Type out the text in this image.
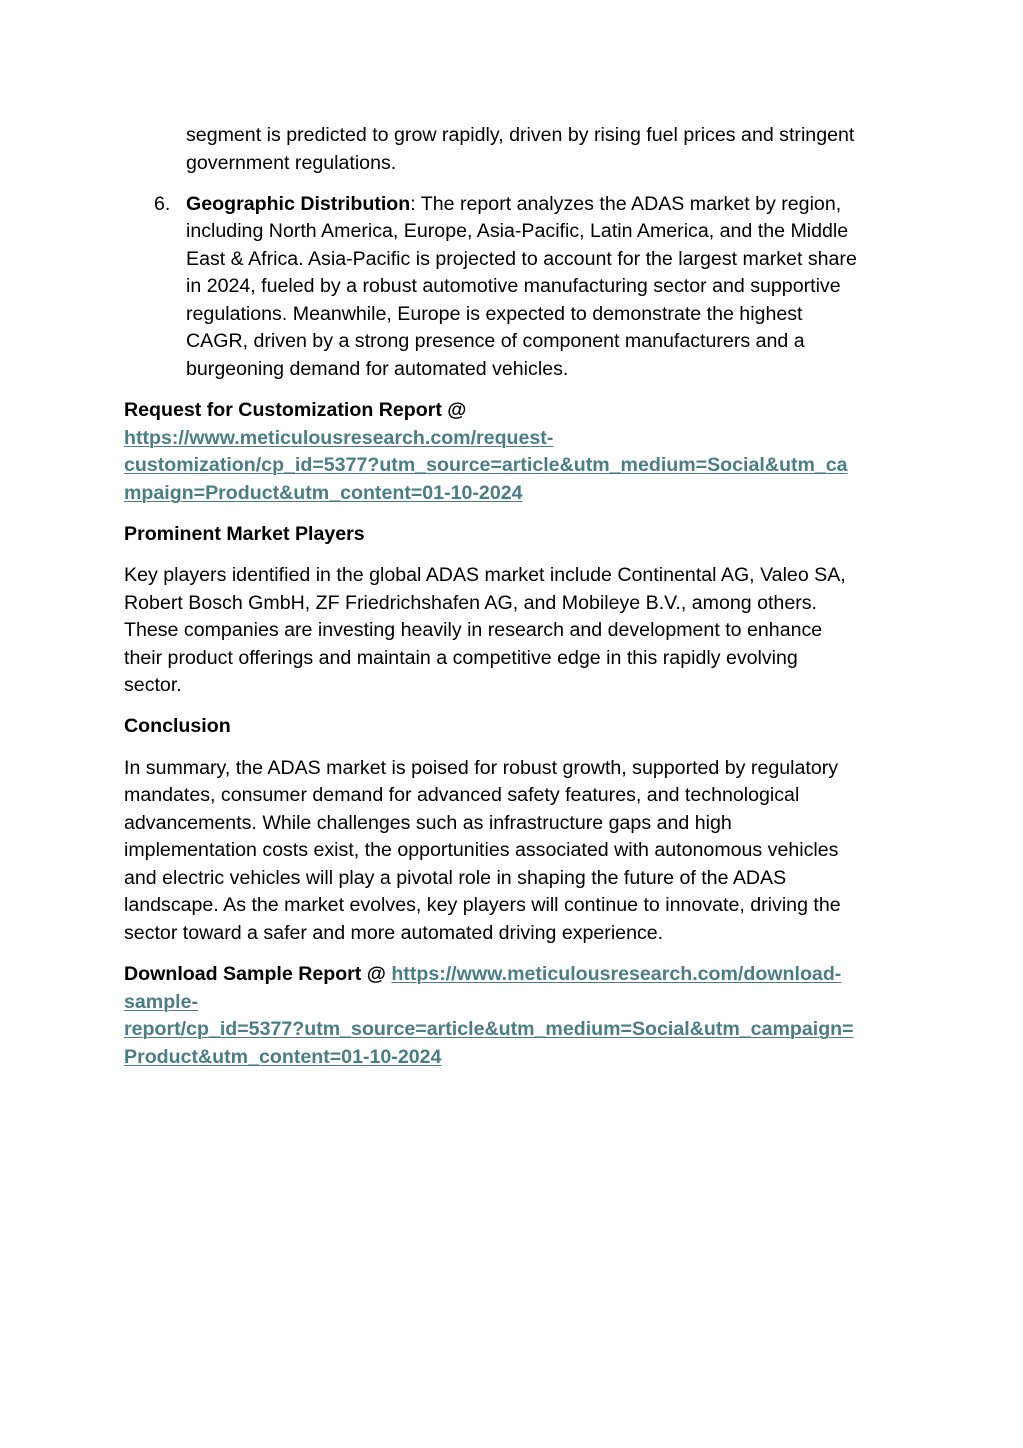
segment is predicted to grow rapidly, driven by rising fuel prices and stringent
government regulations.
6. Geographic Distribution: The report analyzes the ADAS market by region,
including North America, Europe, Asia-Pacific, Latin America, and the Middle
East & Africa. Asia-Pacific is projected to account for the largest market share
in 2024, fueled by a robust automotive manufacturing sector and supportive
regulations. Meanwhile, Europe is expected to demonstrate the highest
CAGR, driven by a strong presence of component manufacturers and a
burgeoning demand for automated vehicles.
Request for Customization Report @
https://www.meticulousresearch.com/request-
customization/cp_id=5377?utm_source=article&utm_medium=Social&utm_ca
mpaign=Product&utm_content=01-10-2024
Prominent Market Players
Key players identified in the global ADAS market include Continental AG, Valeo SA,
Robert Bosch GmbH, ZF Friedrichshafen AG, and Mobileye B.V., among others.
These companies are investing heavily in research and development to enhance
their product offerings and maintain a competitive edge in this rapidly evolving
sector.
Conclusion
In summary, the ADAS market is poised for robust growth, supported by regulatory
mandates, consumer demand for advanced safety features, and technological
advancements. While challenges such as infrastructure gaps and high
implementation costs exist, the opportunities associated with autonomous vehicles
and electric vehicles will play a pivotal role in shaping the future of the ADAS
landscape. As the market evolves, key players will continue to innovate, driving the
sector toward a safer and more automated driving experience.
Download Sample Report @ https://www.meticulousresearch.com/download-
sample-
report/cp_id=5377?utm_source=article&utm_medium=Social&utm_campaign=
Product&utm_content=01-10-2024
